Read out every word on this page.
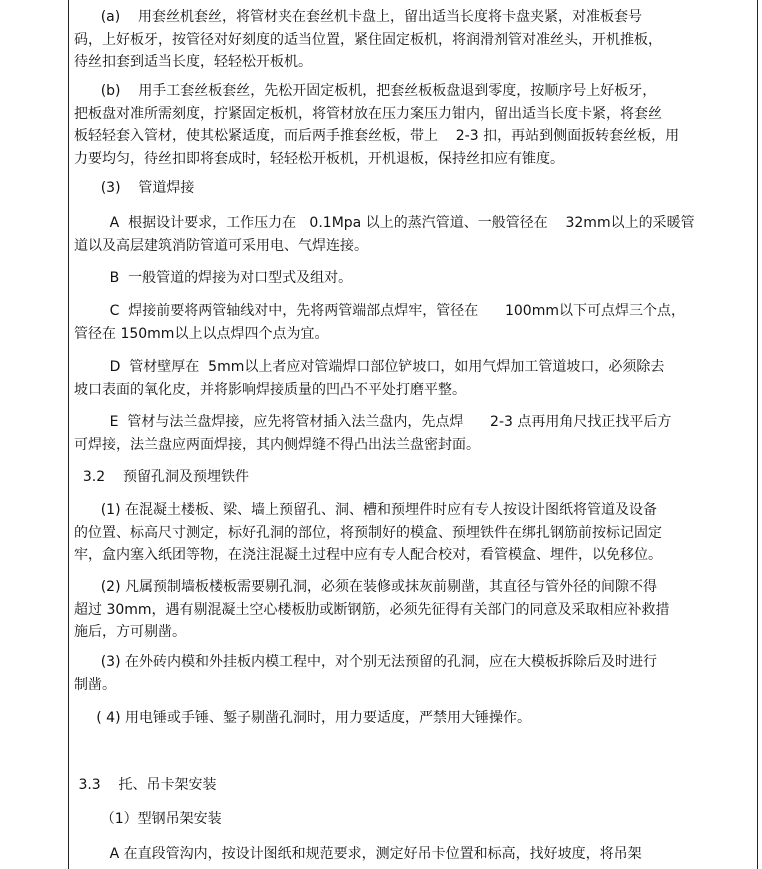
(a)    用套丝机套丝，将管材夹在套丝机卡盘上，留出适当长度将卡盘夹紧，对准板套号
码，上好板牙，按管径对好刻度的适当位置，紧住固定板机，将润滑剂管对准丝头，开机推板，
待丝扣套到适当长度，轻轻松开板机。

(b)    用手工套丝板套丝，先松开固定板机，把套丝板板盘退到零度，按顺序号上好板牙，
把板盘对准所需刻度，拧紧固定板机，将管材放在压力案压力钳内，留出适当长度卡紧，将套丝
板轻轻套入管材，使其松紧适度，而后两手推套丝板，带上    2-3 扣，再站到侧面扳转套丝板，用
力要均匀，待丝扣即将套成时，轻轻松开板机，开机退板，保持丝扣应有锥度。

(3)    管道焊接

A  根据设计要求，工作压力在   0.1Mpa 以上的蒸汽管道、一般管径在    32mm以上的采暖管
道以及高层建筑消防管道可采用电、气焊连接。

B  一般管道的焊接为对口型式及组对。

C  焊接前要将两管轴线对中，先将两管端部点焊牢，管径在      100mm以下可点焊三个点，
管径在 150mm以上以点焊四个点为宜。

D  管材壁厚在  5mm以上者应对管端焊口部位铲坡口，如用气焊加工管道坡口，必须除去
坡口表面的氧化皮，并将影响焊接质量的凹凸不平处打磨平整。

E  管材与法兰盘焊接，应先将管材插入法兰盘内，先点焊      2-3 点再用角尺找正找平后方
可焊接，法兰盘应两面焊接，其内侧焊缝不得凸出法兰盘密封面。

3.2    预留孔洞及预埋铁件

(1) 在混凝土楼板、梁、墙上预留孔、洞、槽和预埋件时应有专人按设计图纸将管道及设备
的位置、标高尺寸测定，标好孔洞的部位，将预制好的模盒、预埋铁件在绑扎钢筋前按标记固定
牢，盒内塞入纸团等物，在浇注混凝土过程中应有专人配合校对，看管模盒、埋件，以免移位。

(2) 凡属预制墙板楼板需要剔孔洞，必须在装修或抹灰前剔凿，其直径与管外径的间隙不得
超过 30mm，遇有剔混凝土空心楼板肋或断钢筋，必须先征得有关部门的同意及采取相应补救措
施后，方可剔凿。

(3) 在外砖内模和外挂板内模工程中，对个别无法预留的孔洞，应在大模板拆除后及时进行
制凿。

( 4) 用电锤或手锤、錾子剔凿孔洞时，用力要适度，严禁用大锤操作。

3.3    托、吊卡架安装

（1）型钢吊架安装

A 在直段管沟内，按设计图纸和规范要求，测定好吊卡位置和标高，找好坡度，将吊架
